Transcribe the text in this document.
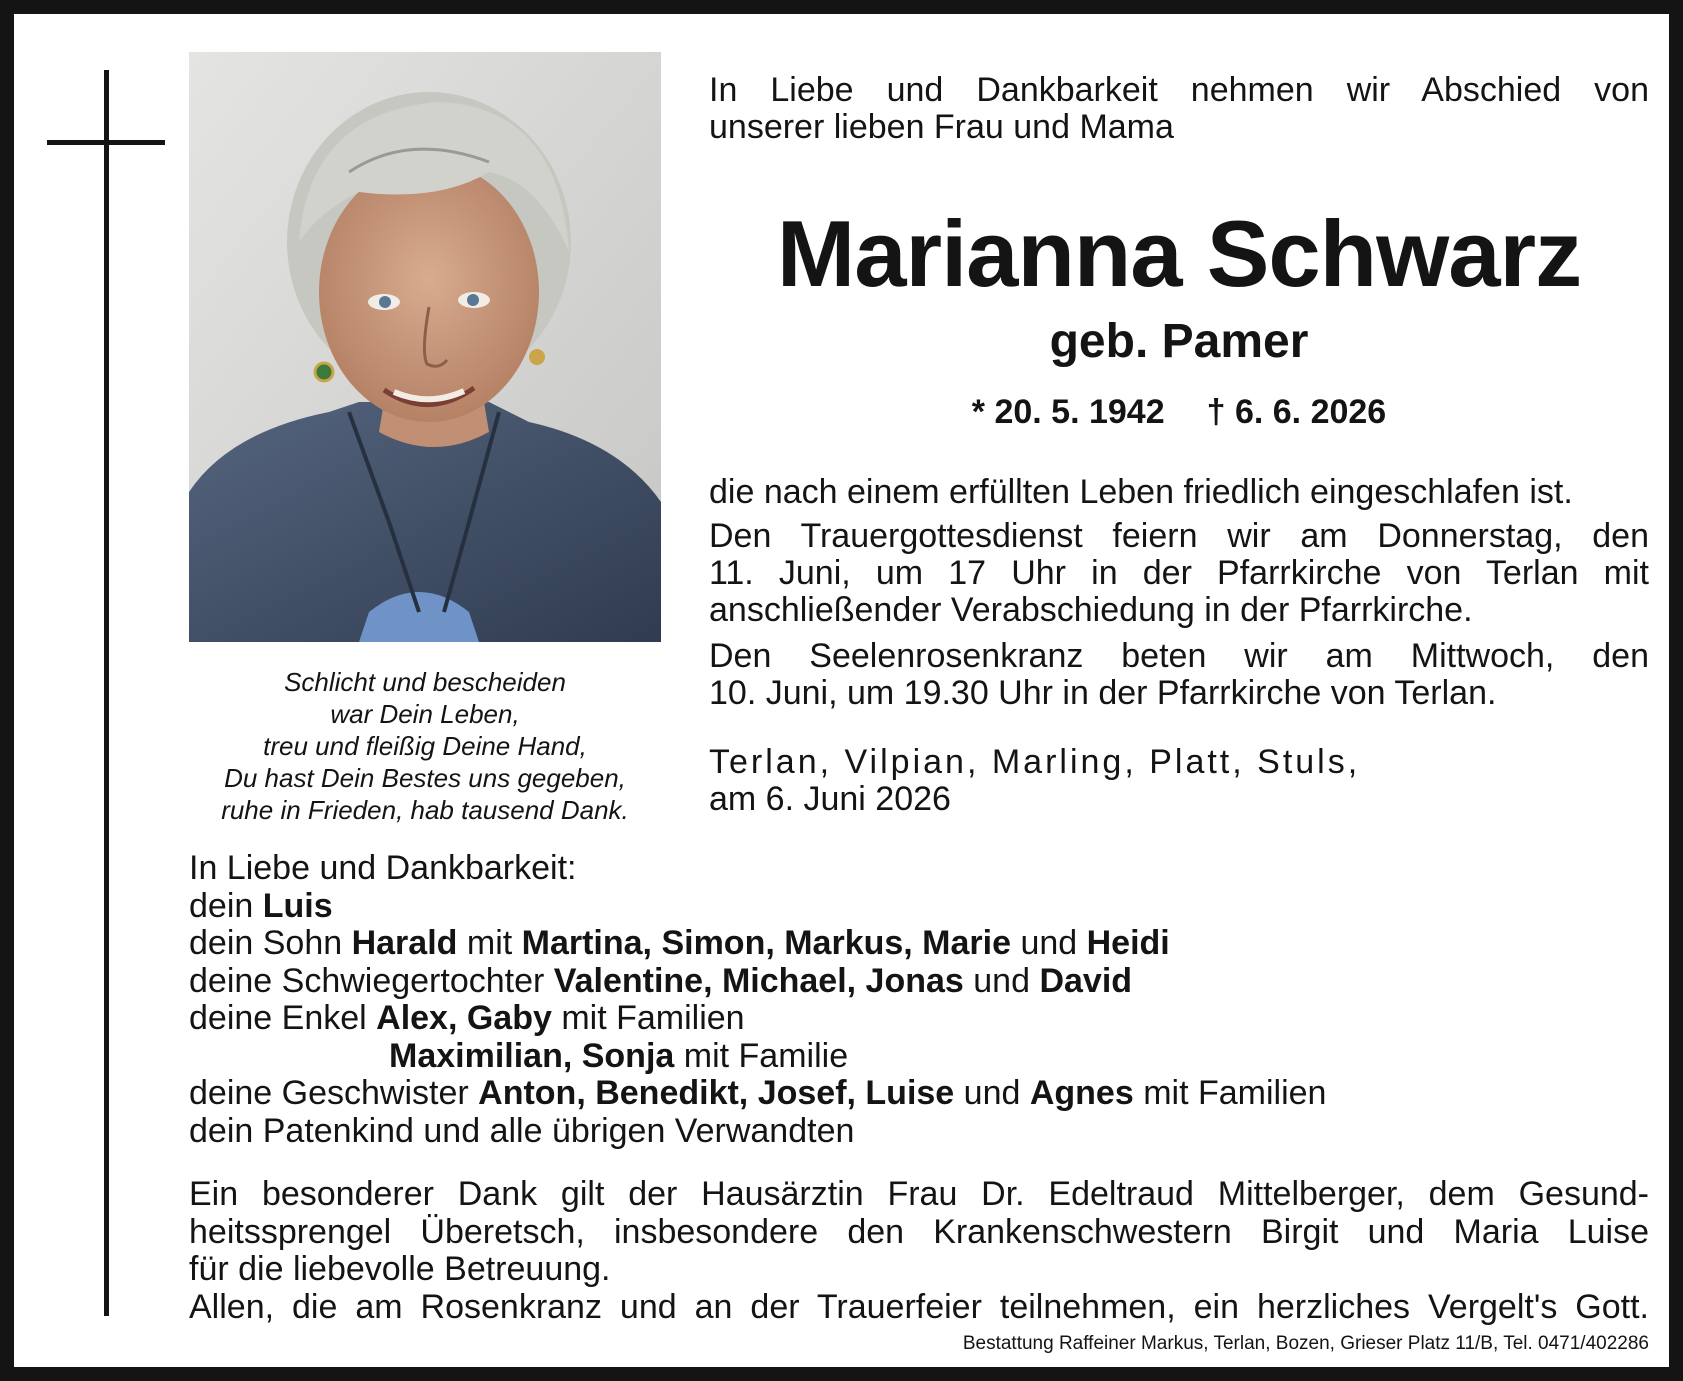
Schlicht und bescheiden
war Dein Leben,
treu und fleißig Deine Hand,
Du hast Dein Bestes uns gegeben,
ruhe in Frieden, hab tausend Dank.
In Liebe und Dankbarkeit nehmen wir Abschied von
unserer lieben Frau und Mama
Marianna Schwarz
geb. Pamer
* 20. 5. 1942 † 6. 6. 2026
die nach einem erfüllten Leben friedlich eingeschlafen ist.
Den Trauergottesdienst feiern wir am Donnerstag, den
11. Juni, um 17 Uhr in der Pfarrkirche von Terlan mit
anschließender Verabschiedung in der Pfarrkirche.
Den Seelenrosenkranz beten wir am Mittwoch, den
10. Juni, um 19.30 Uhr in der Pfarrkirche von Terlan.
Terlan, Vilpian, Marling, Platt, Stuls,
am 6. Juni 2026
In Liebe und Dankbarkeit:
dein Luis
dein Sohn Harald mit Martina, Simon, Markus, Marie und Heidi
deine Schwiegertochter Valentine, Michael, Jonas und David
deine Enkel Alex, Gaby mit Familien
Maximilian, Sonja mit Familie
deine Geschwister Anton, Benedikt, Josef, Luise und Agnes mit Familien
dein Patenkind und alle übrigen Verwandten
Ein besonderer Dank gilt der Hausärztin Frau Dr. Edeltraud Mittelberger, dem Gesund-
heitssprengel Überetsch, insbesondere den Krankenschwestern Birgit und Maria Luise
für die liebevolle Betreuung.
Allen, die am Rosenkranz und an der Trauerfeier teilnehmen, ein herzliches Vergelt's Gott.
Bestattung Raffeiner Markus, Terlan, Bozen, Grieser Platz 11/B, Tel. 0471/402286
